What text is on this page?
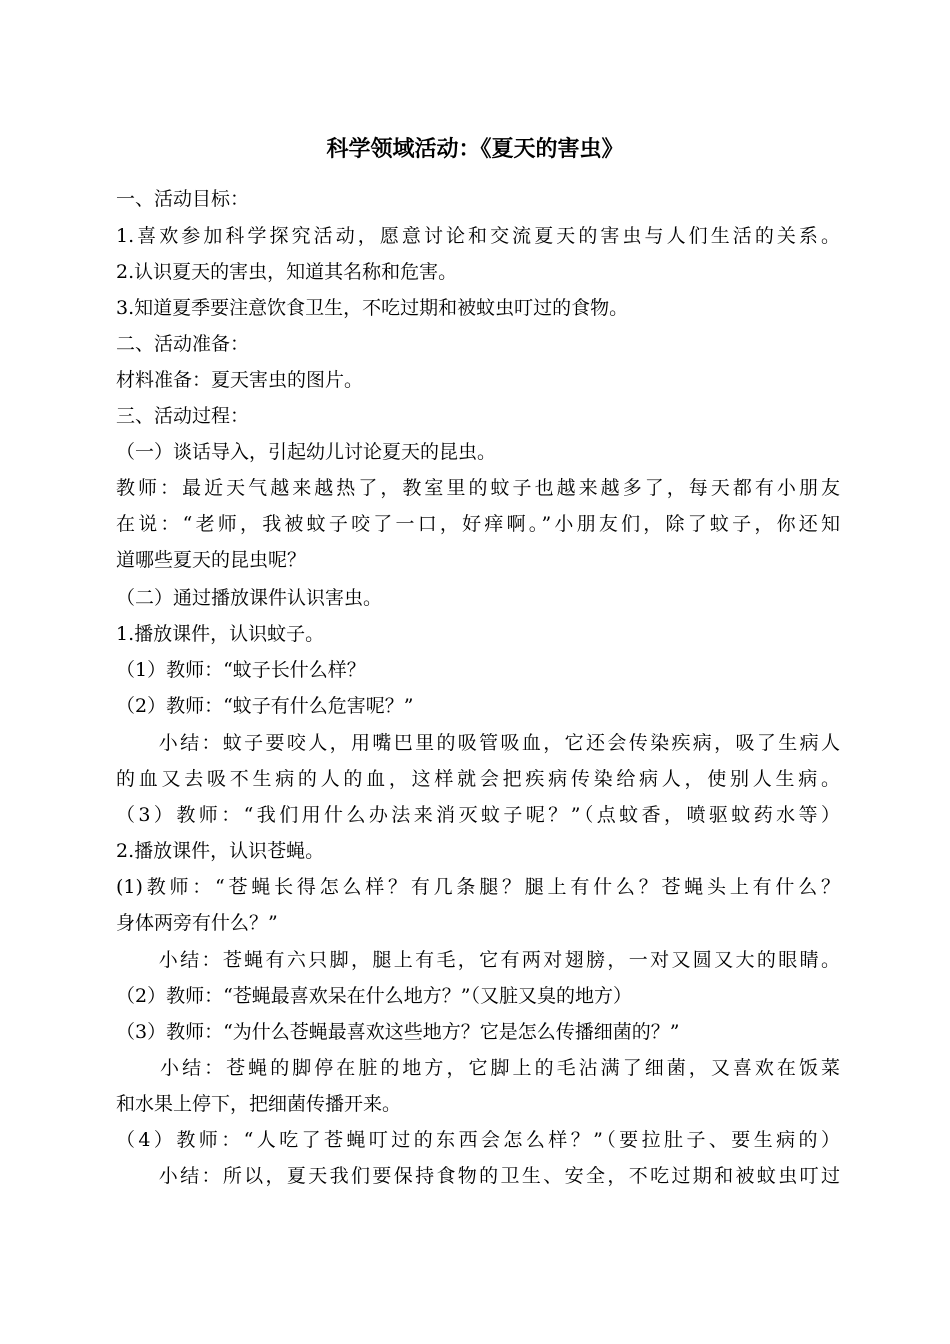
科学领域活动：《夏天的害虫》
一、活动目标：
1.喜欢参加科学探究活动，愿意讨论和交流夏天的害虫与人们生活的关系。
2.认识夏天的害虫，知道其名称和危害。
3.知道夏季要注意饮食卫生，不吃过期和被蚊虫叮过的食物。
二、活动准备：
材料准备：夏天害虫的图片。
三、活动过程：
（一）谈话导入，引起幼儿讨论夏天的昆虫。
教师：最近天气越来越热了，教室里的蚊子也越来越多了，每天都有小朋友
在说：“老师，我被蚊子咬了一口，好痒啊。”小朋友们，除了蚊子，你还知
道哪些夏天的昆虫呢？
（二）通过播放课件认识害虫。
1.播放课件，认识蚊子。
（1）教师：“蚊子长什么样？
（2）教师：“蚊子有什么危害呢？”
　　小结：蚊子要咬人，用嘴巴里的吸管吸血，它还会传染疾病，吸了生病人
的血又去吸不生病的人的血，这样就会把疾病传染给病人，使别人生病。
（3）教师：“我们用什么办法来消灭蚊子呢？”（点蚊香，喷驱蚊药水等）
2.播放课件，认识苍蝇。
(1)教师：“苍蝇长得怎么样？有几条腿？腿上有什么？苍蝇头上有什么？
身体两旁有什么？”
　　小结：苍蝇有六只脚，腿上有毛，它有两对翅膀，一对又圆又大的眼睛。
（2）教师：“苍蝇最喜欢呆在什么地方？”（又脏又臭的地方）
（3）教师：“为什么苍蝇最喜欢这些地方？它是怎么传播细菌的？”
　　小结：苍蝇的脚停在脏的地方，它脚上的毛沾满了细菌，又喜欢在饭菜
和水果上停下，把细菌传播开来。
（4）教师：“人吃了苍蝇叮过的东西会怎么样？”（要拉肚子、要生病的）
　　小结：所以，夏天我们要保持食物的卫生、安全，不吃过期和被蚊虫叮过
